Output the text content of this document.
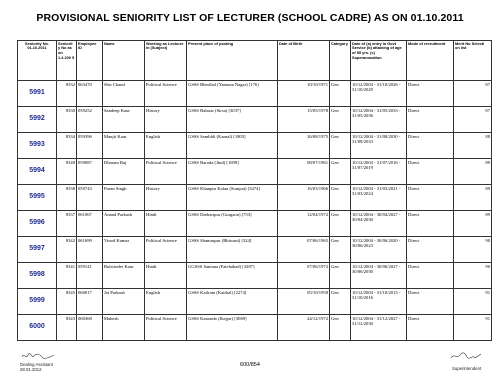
PROVISIONAL SENIORITY LIST OF LECTURER (SCHOOL CADRE) AS ON 01.10.2011
Seniority No. 01.10.2011	Seniorit y No as on 1.4.200 5	Employee ID	Name	Working as Lecturer in (Subject)	Present place of posting	Date of Birth	Category	Date of (a) entry in Govt Service (b) attaining of age of 55 yrs. (c) Superannuation	Mode of recruitment	Merit No Selecti on list
5991	8332	063470	Shri Chand	Political Science	GSSS Bherthal (Yamuna Nagar) [176]	10/10/1971	Gen	10/12/2004 - 31/10/2026 - 31/10/2029	Direct	87
5992	8330	059252	Sandeep Kaur	History	GSSS Balasar (Sirsa) [3037]	15/05/1978	Gen	10/12/2004 - 31/05/2033 - 31/05/2036	Direct	87
5993	8334	059396	Manjit Kaur	English	GSSS Sambhli (Karnal) [1805]	26/08/1975	Gen	10/12/2004 - 31/08/2030 - 31/08/2033	Direct	88
5994	8340	059087	Dharam Raj	Political Science	GSSS Baroda (Jind) [1698]	08/07/1961	Gen	10/12/2004 - 31/07/2016 - 31/07/2019	Direct	89
5995	8338	059743	Puran Singh	History	GSSS Khanpur Kalan (Sonipat) [3474]	16/03/1966	Gen	10/12/2004 - 31/03/2021 - 31/03/2024	Direct	89
5996	8337	061067	Anand Parkash	Hindi	GSSS Darbaripur (Gurgaon) [753]	12/04/1972	Gen	10/12/2004 - 30/04/2027 - 30/04/2030	Direct	89
5997	8342	061699	Vinod Kumar	Political Science	GSSS Shamaspur (Bhiwani) [324]	07/06/1965	Gen	10/12/2004 - 30/06/2020 - 30/06/2023	Direct	90
5998	8341	059141	Bulwinder Kaur	Hindi	GGSSS Saniana (Fatehabad) [3287]	07/06/1972	Gen	10/12/2004 - 30/06/2027 - 30/06/2030	Direct	90
5999	8345	060017	Jai Parkash	English	GSSS Kailram (Kaithal) [2274]	05/10/1958	Gen	10/12/2004 - 31/10/2013 - 31/10/2016	Direct	91
6000	8343	060368	Mahesh	Political Science	GSSS Kanonda (Jhajjar) [3069]	24/12/1972	Gen	10/12/2004 - 31/12/2027 - 31/12/2030	Direct	91
Dealing Assistant
28.01.2012
600/854
Superintendent
